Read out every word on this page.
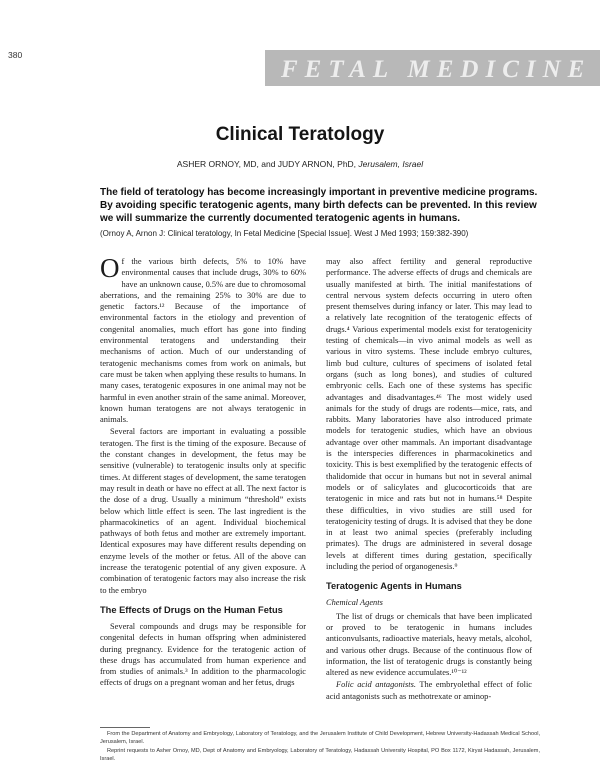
380
FETAL MEDICINE
Clinical Teratology
ASHER ORNOY, MD, and JUDY ARNON, PhD, Jerusalem, Israel
The field of teratology has become increasingly important in preventive medicine programs. By avoiding specific teratogenic agents, many birth defects can be prevented. In this review we will summarize the currently documented teratogenic agents in humans.
(Ornoy A, Arnon J: Clinical teratology, In Fetal Medicine [Special Issue]. West J Med 1993; 159:382-390)

Of the various birth defects, 5% to 10% have environmental causes that include drugs, 30% to 60% have an unknown cause, 0.5% are due to chromosomal aberrations, and the remaining 25% to 30% are due to genetic factors.¹² Because of the importance of environmental factors in the etiology and prevention of congenital anomalies, much effort has gone into finding environmental teratogens and understanding their mechanisms of action. Much of our understanding of teratogenic mechanisms comes from work on animals, but care must be taken when applying these results to humans. In many cases, teratogenic exposures in one animal may not be harmful in even another strain of the same animal. Moreover, known human teratogens are not always teratogenic in animals.

Several factors are important in evaluating a possible teratogen. The first is the timing of the exposure. Because of the constant changes in development, the fetus may be sensitive (vulnerable) to teratogenic insults only at specific times. At different stages of development, the same teratogen may result in death or have no effect at all. The next factor is the dose of a drug. Usually a minimum “threshold” exists below which little effect is seen. The last ingredient is the pharmacokinetics of an agent. Individual biochemical pathways of both fetus and mother are extremely important. Identical exposures may have different results depending on enzyme levels of the mother or fetus. All of the above can increase the teratogenic potential of any given exposure. A combination of teratogenic factors may also increase the risk to the embryo

The Effects of Drugs on the Human Fetus

Several compounds and drugs may be responsible for congenital defects in human offspring when administered during pregnancy. Evidence for the teratogenic action of these drugs has accumulated from human experience and from studies of animals.³ In addition to the pharmacologic effects of drugs on a pregnant woman and her fetus, drugs

may also affect fertility and general reproductive performance. The adverse effects of drugs and chemicals are usually manifested at birth. The initial manifestations of central nervous system defects occurring in utero often present themselves during infancy or later. This may lead to a relatively late recognition of the teratogenic effects of drugs.⁴ Various experimental models exist for teratogenicity testing of chemicals—in vivo animal models as well as various in vitro systems. These include embryo cultures, limb bud culture, cultures of specimens of isolated fetal organs (such as long bones), and studies of cultured embryonic cells. Each one of these systems has specific advantages and disadvantages.⁴⁶ The most widely used animals for the study of drugs are rodents—mice, rats, and rabbits. Many laboratories have also introduced primate models for teratogenic studies, which have an obvious advantage over other mammals. An important disadvantage is the interspecies differences in pharmacokinetics and toxicity. This is best exemplified by the teratogenic effects of thalidomide that occur in humans but not in several animal models or of salicylates and glucocorticoids that are teratogenic in mice and rats but not in humans.⁵⁸ Despite these difficulties, in vivo studies are still used for teratogenicity testing of drugs. It is advised that they be done in at least two animal species (preferably including primates). The drugs are administered in several dosage levels at different times during gestation, specifically including the period of organogenesis.⁹

Teratogenic Agents in Humans
Chemical Agents

The list of drugs or chemicals that have been implicated or proved to be teratogenic in humans includes anticonvulsants, radioactive materials, heavy metals, alcohol, and various other drugs. Because of the continuous flow of information, the list of teratogenic drugs is constantly being altered as new evidence accumulates.¹⁰⁻¹²

Folic acid antagonists. The embryolethal effect of folic acid antagonists such as methotrexate or aminop-

From the Department of Anatomy and Embryology, Laboratory of Teratology, and the Jerusalem Institute of Child Development, Hebrew University-Hadassah Medical School, Jerusalem, Israel.
Reprint requests to Asher Ornoy, MD, Dept of Anatomy and Embryology, Laboratory of Teratology, Hadassah University Hospital, PO Box 1172, Kiryat Hadassah, Jerusalem, Israel.
